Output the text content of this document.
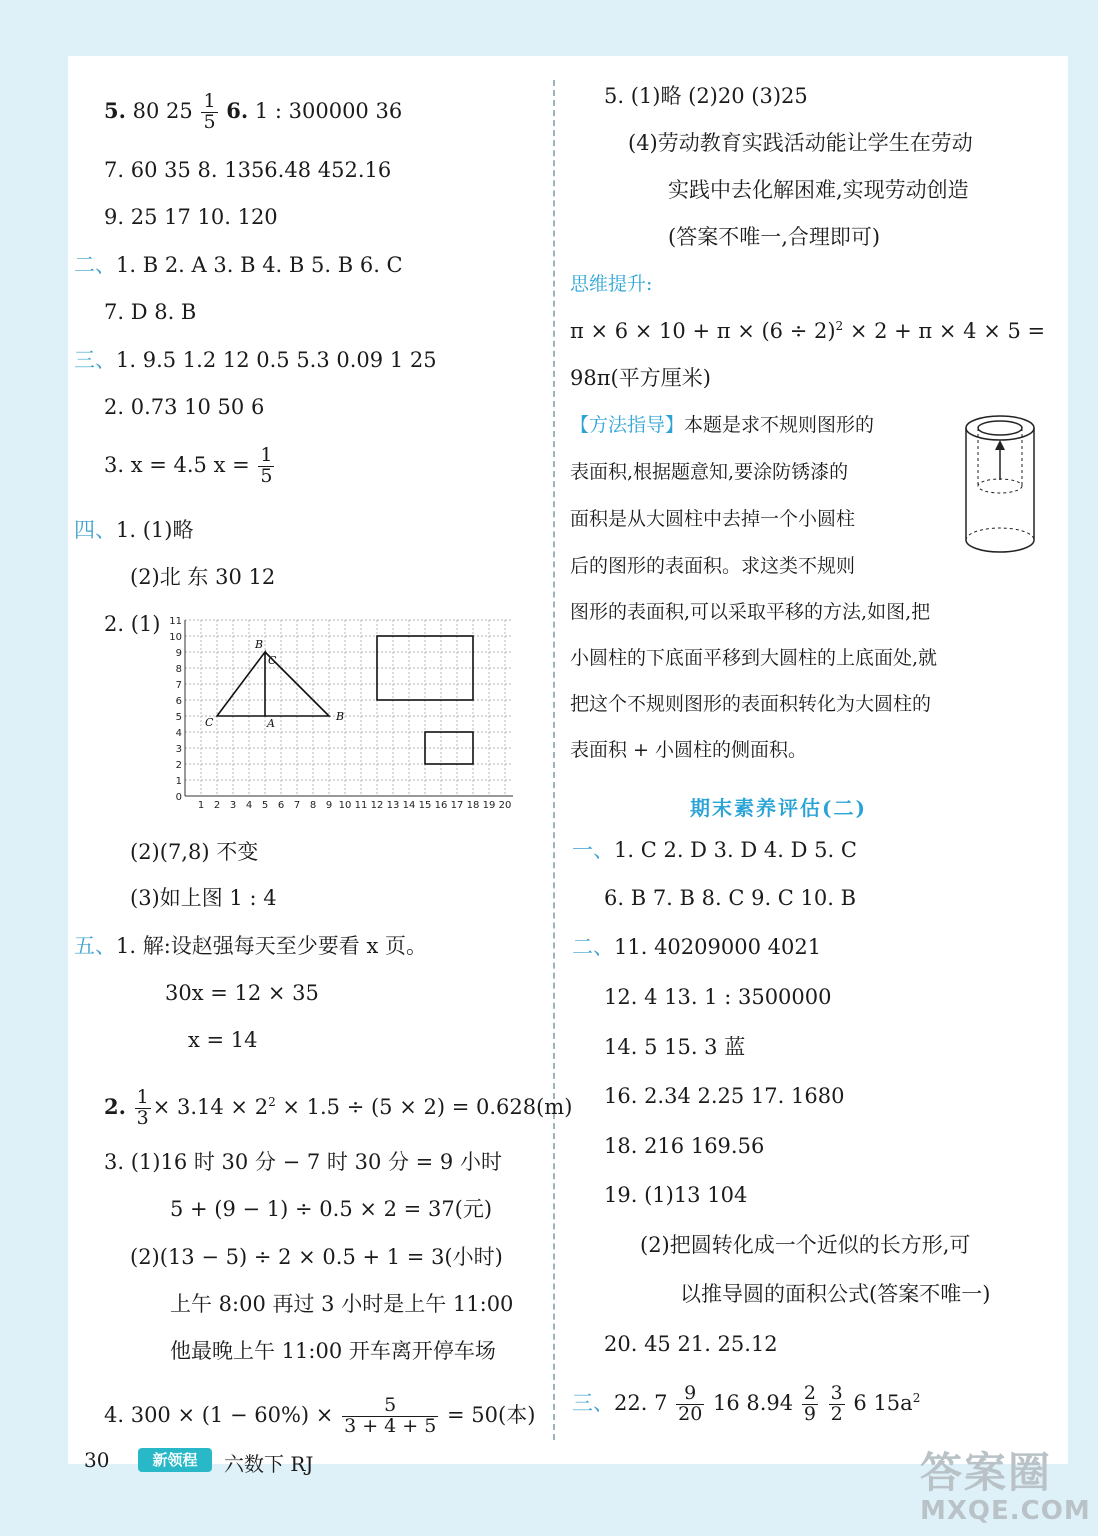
5. 80 $25 \frac{1}{5} 6$. 1 : 300000 36
7. 60 35 8. 1356.48 452.16
9. 25 17 10. 120
二、1. B 2. A 3. B 4. B 5. B 6. C
7. D 8. B
三、1. 9.5 1.2 12 0.5 5.3 0.09 1 25
2. 0.73 10 50 6
3. x = 4.5 $x = \frac{1}{5}$
四、1. (1)略
(2)北 东 30 12
2. (1)
1 2 3 4 5 6 7 8 9 10 11 12 13 14 15 16 17 18 19 20
0
1
2
3
4
5
6
7
8
9
10
11
B
C
C	A
B
(2)(7,8) 不变
(3)如上图 1 : 4
五、1. 解:设赵强每天至少要看 x 页。
30x = 12 × 35
x = 14
2. $\frac{1}{3} \times 3.14 \times 2^2 \times 1.5 \div (5 \times 2) = 0.628(m)$
3. (1)16 时 30 分 − 7 时 30 分 = 9 小时
5 + (9 − 1) ÷ 0.5 × 2 = 37(元)
(2)(13 − 5) ÷ 2 × 0.5 + 1 = 3(小时)
上午 8:00 再过 3 小时是上午 11:00
他最晚上午 11:00 开车离开停车场
4. $300 \times (1 - 60\%) \times \frac{5}{3 + 4 + 5} = 50$(本)
5. (1)略 (2)20 (3)25
(4)劳动教育实践活动能让学生在劳动
实践中去化解困难,实现劳动创造
(答案不唯一,合理即可)
思维提升:
$\pi \times 6 \times 10 + \pi \times (6 \div 2)^2 \times 2 + \pi \times 4 \times 5$ =
98π(平方厘米)
【方法指导】本题是求不规则图形的
表面积,根据题意知,要涂防锈漆的
面积是从大圆柱中去掉一个小圆柱
后的图形的表面积。求这类不规则
图形的表面积,可以采取平移的方法,如图,把
小圆柱的下底面平移到大圆柱的上底面处,就
把这个不规则图形的表面积转化为大圆柱的
表面积 + 小圆柱的侧面积。
期末素养评估(二)
一、1. C 2. D 3. D 4. D 5. C
6. B 7. B 8. C 9. C 10. B
二、11. 40209000 4021
12. 4 13. 1 : 3500000
14. 5 15. 3 蓝
16. 2.34 2.25 17. 1680
18. 216 169.56
19. (1)13 104
(2)把圆转化成一个近似的长方形,可
以推导圆的面积公式(答案不唯一)
20. 45 21. 25.12
三、22. $7 \frac{9}{20} 16$ $8.94 \frac{2}{9}$
$\frac{3}{2} 6$ $15a^2$
30	新领程	六数下 RJ	答案圈
MXQE.COM
